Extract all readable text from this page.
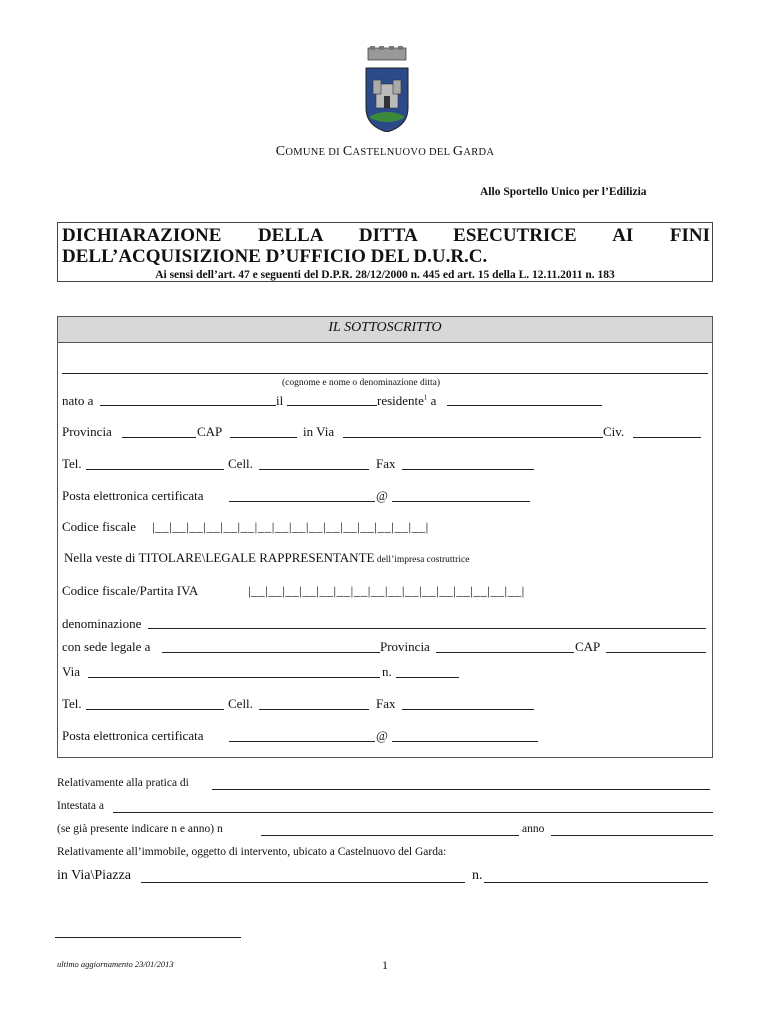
COMUNE DI CASTELNUOVO DEL GARDA
Allo Sportello Unico per l’Edilizia
DICHIARAZIONE DELLA DITTA ESECUTRICE AI FINI
DELL’ACQUISIZIONE D’UFFICIO DEL D.U.R.C.
Ai sensi dell’art. 47 e seguenti del D.P.R. 28/12/2000 n. 445 ed art. 15 della L. 12.11.2011 n. 183
IL SOTTOSCRITTO
(cognome e nome o denominazione ditta)
nato a	il	residente$^1$ a
Provincia	CAP	in Via	Civ.
Tel.	Cell.	Fax
Posta elettronica certificata	@
Codice fiscale |__|__|__|__|__|__|__|__|__|__|__|__|__|__|__|__|
Nella veste di TITOLARE\LEGALE RAPPRESENTANTE dell’impresa costruttrice
Codice fiscale/Partita IVA	|__|__|__|__|__|__|__|__|__|__|__|__|__|__|__|__|
denominazione
con sede legale a	Provincia	CAP
Via	n.
Tel.	Cell.	Fax
Posta elettronica certificata	@
Relativamente alla pratica di
Intestata a
(se già presente indicare n e anno) n	anno
Relativamente all’immobile, oggetto di intervento, ubicato a Castelnuovo del Garda:
in Via\Piazza	n.
ultimo aggiornamento 23/01/2013	1
